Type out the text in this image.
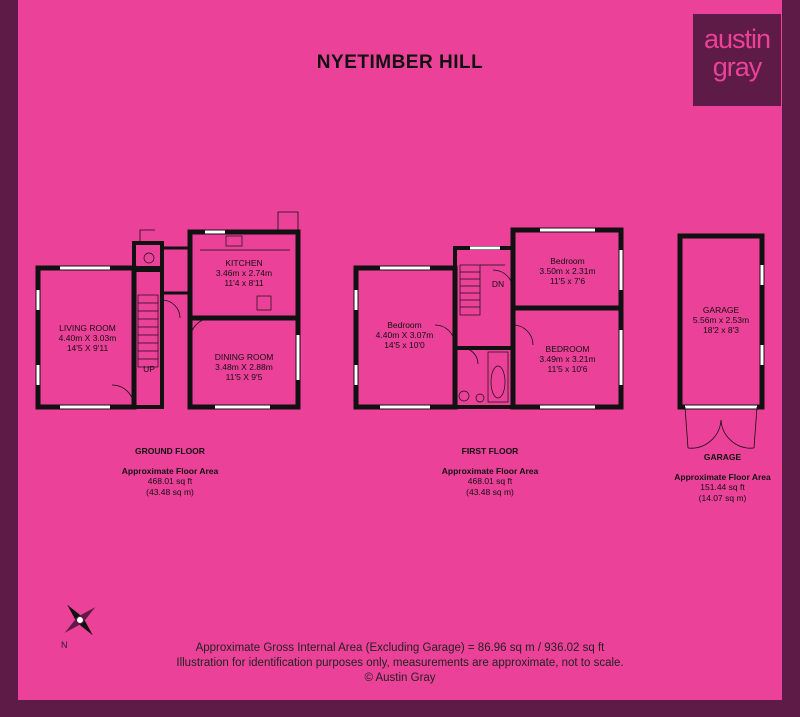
NYETIMBER HILL
austin
gray
LIVING ROOM
4.40m X 3.03m
14'5 X 9'11
KITCHEN
3.46m x 2.74m
11'4 x 8'11
DINING ROOM
3.48m X 2.88m
11'5 X 9'5
UP
Bedroom
4.40m X 3.07m
14'5 x 10'0
Bedroom
3.50m x 2.31m
11'5 x 7'6
BEDROOM
3.49m x 3.21m
11'5 x 10'6
DN
GARAGE
5.56m x 2.53m
18'2 x 8'3
GROUND FLOOR
Approximate Floor Area
468.01 sq ft
(43.48 sq m)
FIRST FLOOR
Approximate Floor Area
468.01 sq ft
(43.48 sq m)
GARAGE
Approximate Floor Area
151.44 sq ft
(14.07 sq m)
N	Approximate Gross Internal Area (Excluding Garage) = 86.96 sq m / 936.02 sq ft
Illustration for identification purposes only, measurements are approximate, not to scale.
© Austin Gray
